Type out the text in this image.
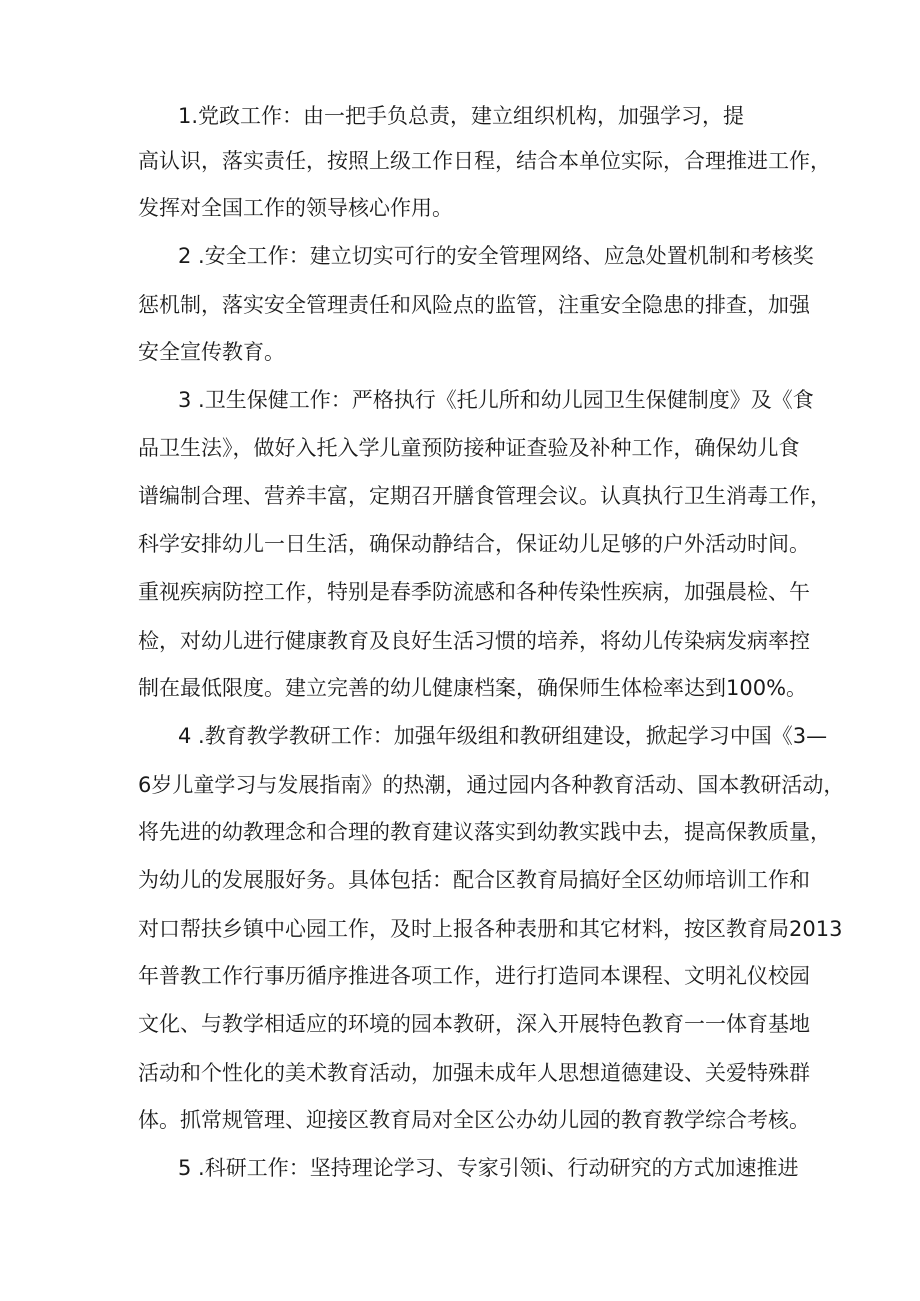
1.党政工作：由一把手负总责，建立组织机构，加强学习，提
高认识，落实责任，按照上级工作日程，结合本单位实际，合理推进工作，
发挥对全国工作的领导核心作用。
2 .安全工作：建立切实可行的安全管理网络、应急处置机制和考核奖
惩机制，落实安全管理责任和风险点的监管，注重安全隐患的排查，加强
安全宣传教育。
3 .卫生保健工作：严格执行《托儿所和幼儿园卫生保健制度》及《食
品卫生法》，做好入托入学儿童预防接种证查验及补种工作，确保幼儿食
谱编制合理、营养丰富，定期召开膳食管理会议。认真执行卫生消毒工作，
科学安排幼儿一日生活，确保动静结合，保证幼儿足够的户外活动时间。
重视疾病防控工作，特别是春季防流感和各种传染性疾病，加强晨检、午
检，对幼儿进行健康教育及良好生活习惯的培养，将幼儿传染病发病率控
制在最低限度。建立完善的幼儿健康档案，确保师生体检率达到100%。
4 .教育教学教研工作：加强年级组和教研组建设，掀起学习中国《3—
6岁儿童学习与发展指南》的热潮，通过园内各种教育活动、国本教研活动，
将先进的幼教理念和合理的教育建议落实到幼教实践中去，提高保教质量，
为幼儿的发展服好务。具体包括：配合区教育局搞好全区幼师培训工作和
对口帮扶乡镇中心园工作，及时上报各种表册和其它材料，按区教育局2013
年普教工作行事历循序推进各项工作，进行打造同本课程、文明礼仪校园
文化、与教学相适应的环境的园本教研，深入开展特色教育一一体育基地
活动和个性化的美术教育活动，加强未成年人思想道德建设、关爱特殊群
体。抓常规管理、迎接区教育局对全区公办幼儿园的教育教学综合考核。
5 .科研工作：坚持理论学习、专家引领i、行动研究的方式加速推进
